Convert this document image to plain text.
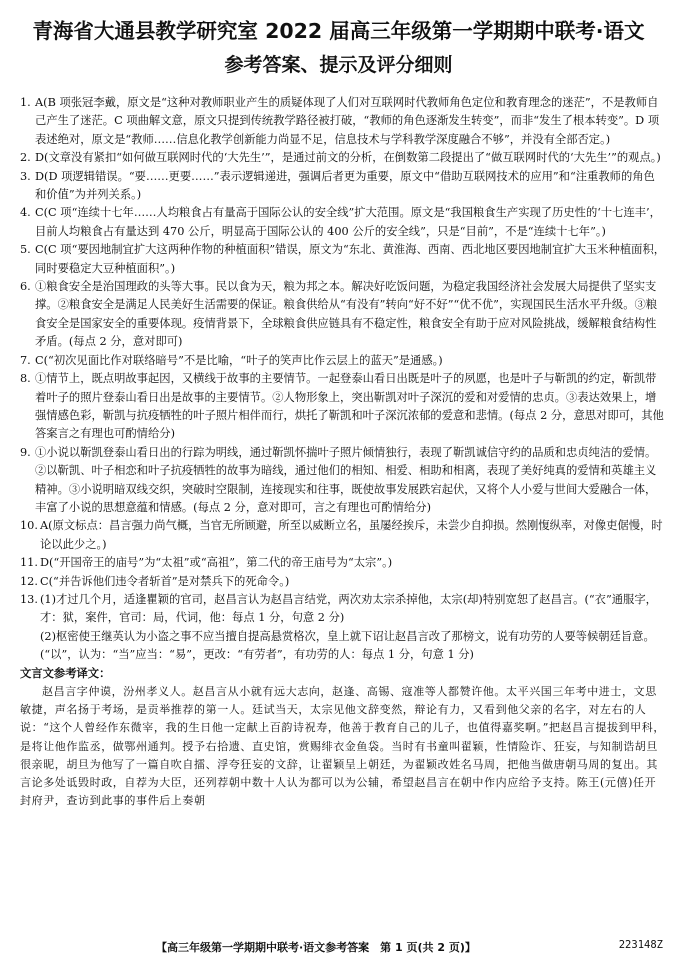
青海省大通县教学研究室 2022 届高三年级第一学期期中联考·语文
参考答案、提示及评分细则
1. A(B 项张冠李戴，原文是“这种对教师职业产生的质疑体现了人们对互联网时代教师角色定位和教育理念的迷茫”，不是教师自己产生了迷茫。C 项曲解文意，原文只提到传统教学路径被打破，“教师的角色逐渐发生转变”，而非“发生了根本转变”。D 项表述绝对，原文是“教师……信息化教学创新能力尚显不足，信息技术与学科教学深度融合不够”，并没有全部否定。)
2. D(文章没有紧扣“如何做互联网时代的‘大先生’”，是通过前文的分析，在倒数第二段提出了“做互联网时代的‘大先生’”的观点。)
3. D(D 项逻辑错误。“要……更要……”表示逻辑递进，强调后者更为重要，原文中“借助互联网技术的应用”和“注重教师的角色和价值”为并列关系。)
4. C(C 项“连续十七年……人均粮食占有量高于国际公认的安全线”扩大范围。原文是“我国粮食生产实现了历史性的‘十七连丰’，目前人均粮食占有量达到 470 公斤，明显高于国际公认的 400 公斤的安全线”，只是“目前”，不是“连续十七年”。)
5. C(C 项“要因地制宜扩大这两种作物的种植面积”错误，原文为“东北、黄淮海、西南、西北地区要因地制宜扩大玉米种植面积，同时要稳定大豆种植面积”。)
6. ①粮食安全是治国理政的头等大事。民以食为天，粮为邦之本。解决好吃饭问题，为稳定我国经济社会发展大局提供了坚实支撑。②粮食安全是满足人民美好生活需要的保证。粮食供给从“有没有”转向“好不好”“优不优”，实现国民生活水平升级。③粮食安全是国家安全的重要体现。疫情背景下，全球粮食供应链具有不稳定性，粮食安全有助于应对风险挑战，缓解粮食结构性矛盾。(每点 2 分，意对即可)
7. C(“初次见面比作对联络暗号”不是比喻，“叶子的笑声比作云层上的蓝天”是通感。)
8. ①情节上，既点明故事起因，又横线于故事的主要情节。一起登泰山看日出既是叶子的夙愿，也是叶子与靳凯的约定，靳凯带着叶子的照片登泰山看日出是故事的主要情节。②人物形象上，突出靳凯对叶子深沉的爱和对爱情的忠贞。③表达效果上，增强情感色彩，靳凯与抗疫牺牲的叶子照片相伴而行，烘托了靳凯和叶子深沉浓郁的爱意和悲情。(每点 2 分，意思对即可，其他答案言之有理也可酌情给分)
9. ①小说以靳凯登泰山看日出的行踪为明线，通过靳凯怀揣叶子照片倾情独行，表现了靳凯诚信守约的品质和忠贞纯洁的爱情。②以靳凯、叶子相恋和叶子抗疫牺牲的故事为暗线，通过他们的相知、相爱、相助和相离，表现了美好纯真的爱情和英雄主义精神。③小说明暗双线交织，突破时空限制，连接现实和往事，既使故事发展跌宕起伏，又将个人小爱与世间大爱融合一体，丰富了小说的思想意蕴和情感。(每点 2 分，意对即可，言之有理也可酌情给分)
10. A(原文标点：昌言强力尚气概，当官无所顾避，所至以威断立名，虽屡经挨斥，未尝少自抑损。然刚愎纵率，对像吏倨慢，时论以此少之。)
11. D(“开国帝王的庙号”为“太祖”或“高祖”，第二代的帝王庙号为“太宗”。)
12. C(“并告诉他们违令者斩首”是对禁兵下的死命令。)
13. (1)才过几个月，适逢瞿颖的官司，赵昌言认为赵昌言结党，两次劝太宗杀掉他，太宗(却)特别宽恕了赵昌言。(“衣”通服字，才：狱，案件，官司：局，代词，他：每点 1 分，句意 2 分)
(2)枢密使王继英认为小盗之事不应当擅自提高悬赏格次，皇上就下诏让赵昌言改了那榜文，说有功劳的人要等候朝廷旨意。(“以”，认为：“当”应当：“易”，更改：“有劳者”，有功劳的人：每点 1 分，句意 1 分)
文言文参考译文：
赵昌言字仲谟，汾州孝义人。赵昌言从小就有远大志向，赵逢、高锡、寇准等人都赞许他。太平兴国三年考中进士，文思敏捷，声名扬于考场，是贡举推荐的第一人。廷试当天，太宗见他文辞变然，辩论有力，又看到他父亲的名字，对左右的人说：“这个人曾经作东微宰，我的生日他一定献上百韵诗祝寿，他善于教育自己的儿子，也值得嘉奖啊。”把赵昌言提拔到甲科，是将让他作监丞，做鄂州通判。授予右拾遗、直史馆，赏赐绯衣金鱼袋。当时有书童叫翟颖，性情险诈、狂妄，与知制诰胡旦很亲昵，胡旦为他写了一篇自吹自擂、浮夸狂妄的文辞，让翟颖呈上朝廷，为翟颖改姓名马周，把他当做唐朝马周的复出。其言论多处诋毁时政，自荐为大臣，还列荐朝中数十人认为都可以为公辅，希望赵昌言在朝中作内应给予支持。陈王(元僖)任开封府尹，查访到此事的事件后上奏朝
【高三年级第一学期期中联考·语文参考答案　第 1 页(共 2 页)】	223148Z
